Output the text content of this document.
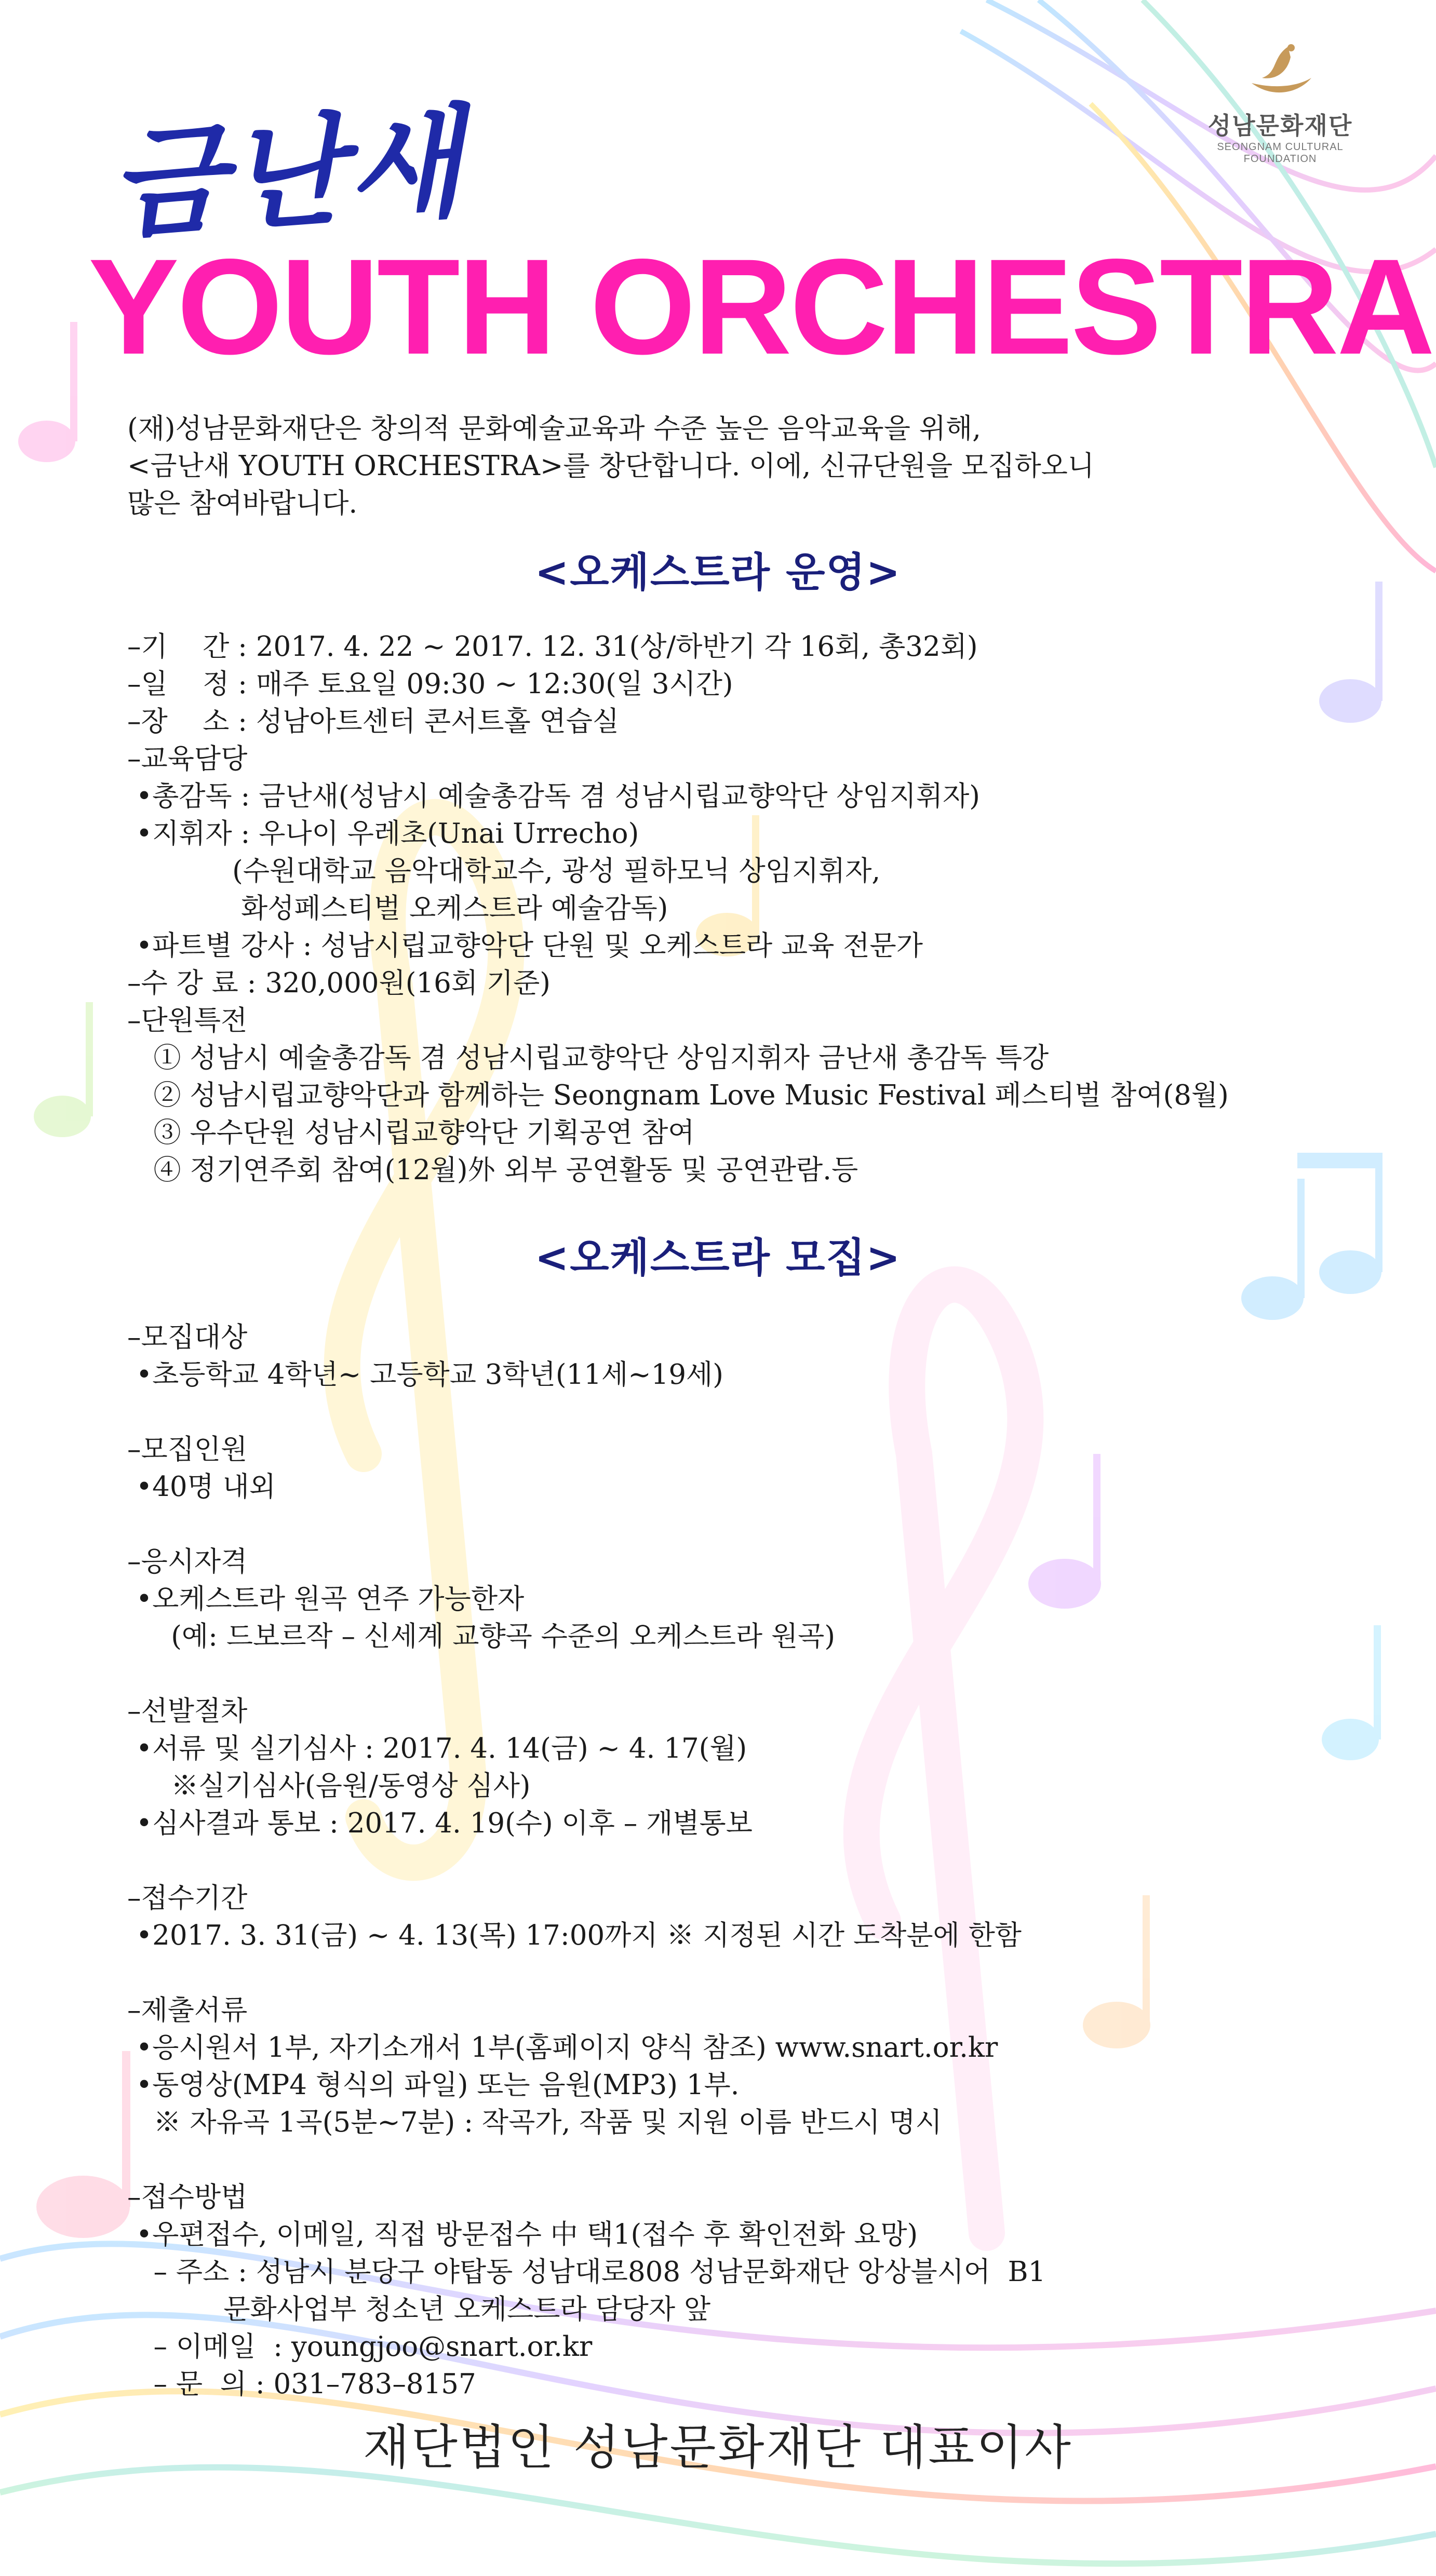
성남문화재단
SEONGNAM CULTURAL FOUNDATION
금난새
YOUTH ORCHESTRA
(재)성남문화재단은 창의적 문화예술교육과 수준 높은 음악교육을 위해,
<금난새 YOUTH ORCHESTRA>를 창단합니다. 이에, 신규단원을 모집하오니
많은 참여바랍니다.
<오케스트라 운영>
–기    간 : 2017. 4. 22 ~ 2017. 12. 31(상/하반기 각 16회, 총32회)
–일    정 : 매주 토요일 09:30 ~ 12:30(일 3시간)
–장    소 : 성남아트센터 콘서트홀 연습실
–교육담당
•총감독 : 금난새(성남시 예술총감독 겸 성남시립교향악단 상임지휘자)
•지휘자 : 우나이 우레초(Unai Urrecho)
(수원대학교 음악대학교수, 광성 필하모닉 상임지휘자,
화성페스티벌 오케스트라 예술감독)
•파트별 강사 : 성남시립교향악단 단원 및 오케스트라 교육 전문가
–수 강 료 : 320,000원(16회 기준)
–단원특전
① 성남시 예술총감독 겸 성남시립교향악단 상임지휘자 금난새 총감독 특강
② 성남시립교향악단과 함께하는 Seongnam Love Music Festival 페스티벌 참여(8월)
③ 우수단원 성남시립교향악단 기획공연 참여
④ 정기연주회 참여(12월)外 외부 공연활동 및 공연관람.등
<오케스트라 모집>
–모집대상
•초등학교 4학년~ 고등학교 3학년(11세~19세)
–모집인원
•40명 내외
–응시자격
•오케스트라 원곡 연주 가능한자
(예: 드보르작 – 신세계 교향곡 수준의 오케스트라 원곡)
–선발절차
•서류 및 실기심사 : 2017. 4. 14(금) ~ 4. 17(월)
※실기심사(음원/동영상 심사)
•심사결과 통보 : 2017. 4. 19(수) 이후 – 개별통보
–접수기간
•2017. 3. 31(금) ~ 4. 13(목) 17:00까지 ※ 지정된 시간 도착분에 한함
–제출서류
•응시원서 1부, 자기소개서 1부(홈페이지 양식 참조) www.snart.or.kr
•동영상(MP4 형식의 파일) 또는 음원(MP3) 1부.
※ 자유곡 1곡(5분~7분) : 작곡가, 작품 및 지원 이름 반드시 명시
–접수방법
•우편접수, 이메일, 직접 방문접수 中 택1(접수 후 확인전화 요망)
– 주소 : 성남시 분당구 야탑동 성남대로808 성남문화재단 앙상블시어  B1
문화사업부 청소년 오케스트라 담당자 앞
– 이메일  : youngjoo@snart.or.kr
– 문  의 : 031–783–8157
재단법인 성남문화재단 대표이사
